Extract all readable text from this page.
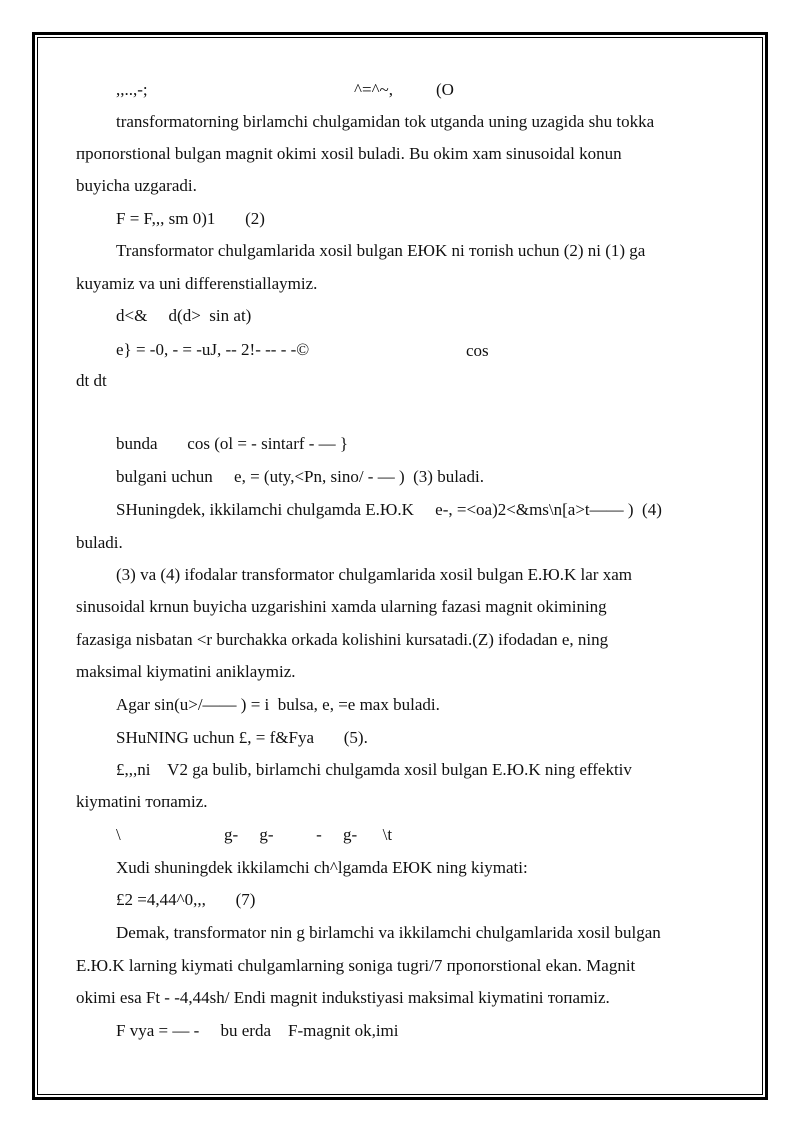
,,..,-;	^=^~,	(O
transformatorning birlamchi chulgamidan tok utganda uning uzagida shu tokka
пропorstional bulgan magnit okimi xosil buladi. Bu okim xam sinusoidal konun
buyicha uzgaradi.
F = F,,, sm 0)1       (2)
Transformator chulgamlarida xosil bulgan EЮK ni топish uchun (2) ni (1) ga
kuyamiz va uni differenstiallaymiz.
d<&     d(d>  sin at)
e} = -0, - = -uJ, -- 2!- -- - -©	cos
dt dt
bunda       cos (ol = - sintarf - — }
bulgani uchun     e, = (uty,<Pn, sino/ - — )  (3) buladi.
SHuningdek, ikkilamchi chulgamda E.Ю.K     e-, =<oa)2<&ms\n[a>t—— )  (4)
buladi.
(3) va (4) ifodalar transformator chulgamlarida xosil bulgan E.Ю.K lar xam
sinusoidal krnun buyicha uzgarishini xamda ularning fazasi magnit okimining
fazasiga nisbatan <r burchakka orkada kolishini kursatadi.(Z) ifodadan e, ning
maksimal kiymatini aniklaymiz.
Agar sin(u>/—— ) = i  bulsa, e, =e max buladi.
SHuNING uchun £, = f&Fya       (5).
£,,,ni    V2 ga bulib, birlamchi chulgamda xosil bulgan E.Ю.K ning effektiv
kiymatini топamiz.
\	g-     g-          -     g-      \t
Xudi shuningdek ikkilamchi ch^lgamda EЮK ning kiymati:
£2 =4,44^0,,,       (7)
Demak, transformator nin g birlamchi va ikkilamchi chulgamlarida xosil bulgan
E.Ю.K larning kiymati chulgamlarning soniga tugri/7 пропorstional ekan. Magnit
okimi esa Ft - -4,44sh/ Endi magnit indukstiyasi maksimal kiymatini топamiz.
F vya = — -     bu erda    F-magnit ok,imi
